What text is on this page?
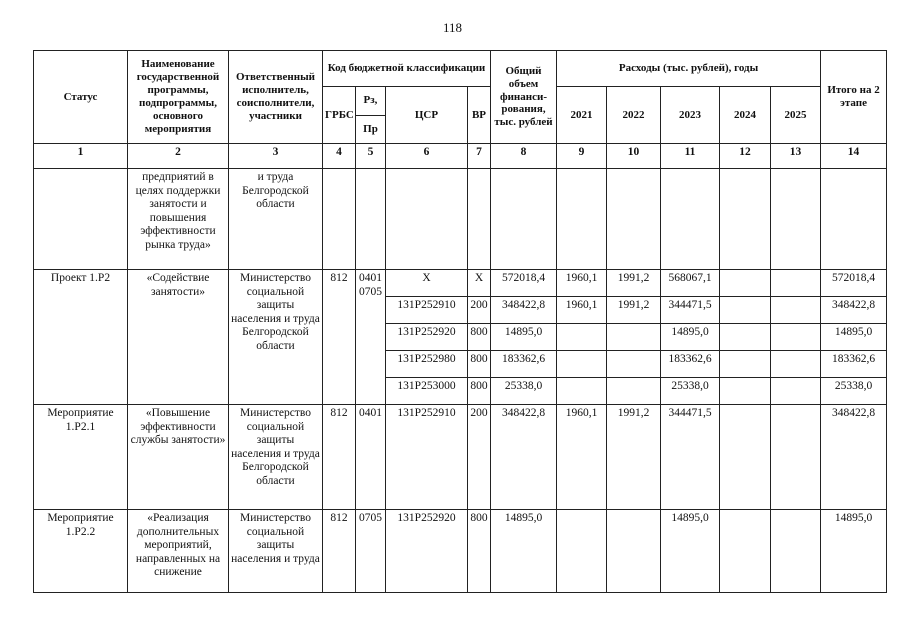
118
Статус	Наименование государственной программы, подпрограммы, основного мероприятия	Ответственный исполнитель, соисполнители, участники	Код бюджетной классификации				Общий объем финанси-рования, тыс. рублей	Расходы (тыс. рублей), годы					Итого на 2 этапе
			ГРБС	Рз,	ЦСР	ВР		2021	2022	2023	2024	2025	
				Пр									
1	2	3	4	5	6	7	8	9	10	11	12	13	14
	предприятий в целях поддержки занятости и повышения эффективности рынка труда»	и труда Белгородской области											
Проект 1.Р2	«Содействие занятости»	Министерство социальной защиты населения и труда Белгородской области	812	0401 0705	X	X	572018,4	1960,1	1991,2	568067,1			572018,4
					131Р252910	200	348422,8	1960,1	1991,2	344471,5			348422,8
					131Р252920	800	14895,0			14895,0			14895,0
					131Р252980	800	183362,6			183362,6			183362,6
					131Р253000	800	25338,0			25338,0			25338,0
Мероприятие 1.Р2.1	«Повышение эффективности службы занятости»	Министерство социальной защиты населения и труда Белгородской области	812	0401	131Р252910	200	348422,8	1960,1	1991,2	344471,5			348422,8
Мероприятие 1.Р2.2	«Реализация дополнительных мероприятий, направленных на снижение	Министерство социальной защиты населения и труда	812	0705	131Р252920	800	14895,0			14895,0			14895,0
